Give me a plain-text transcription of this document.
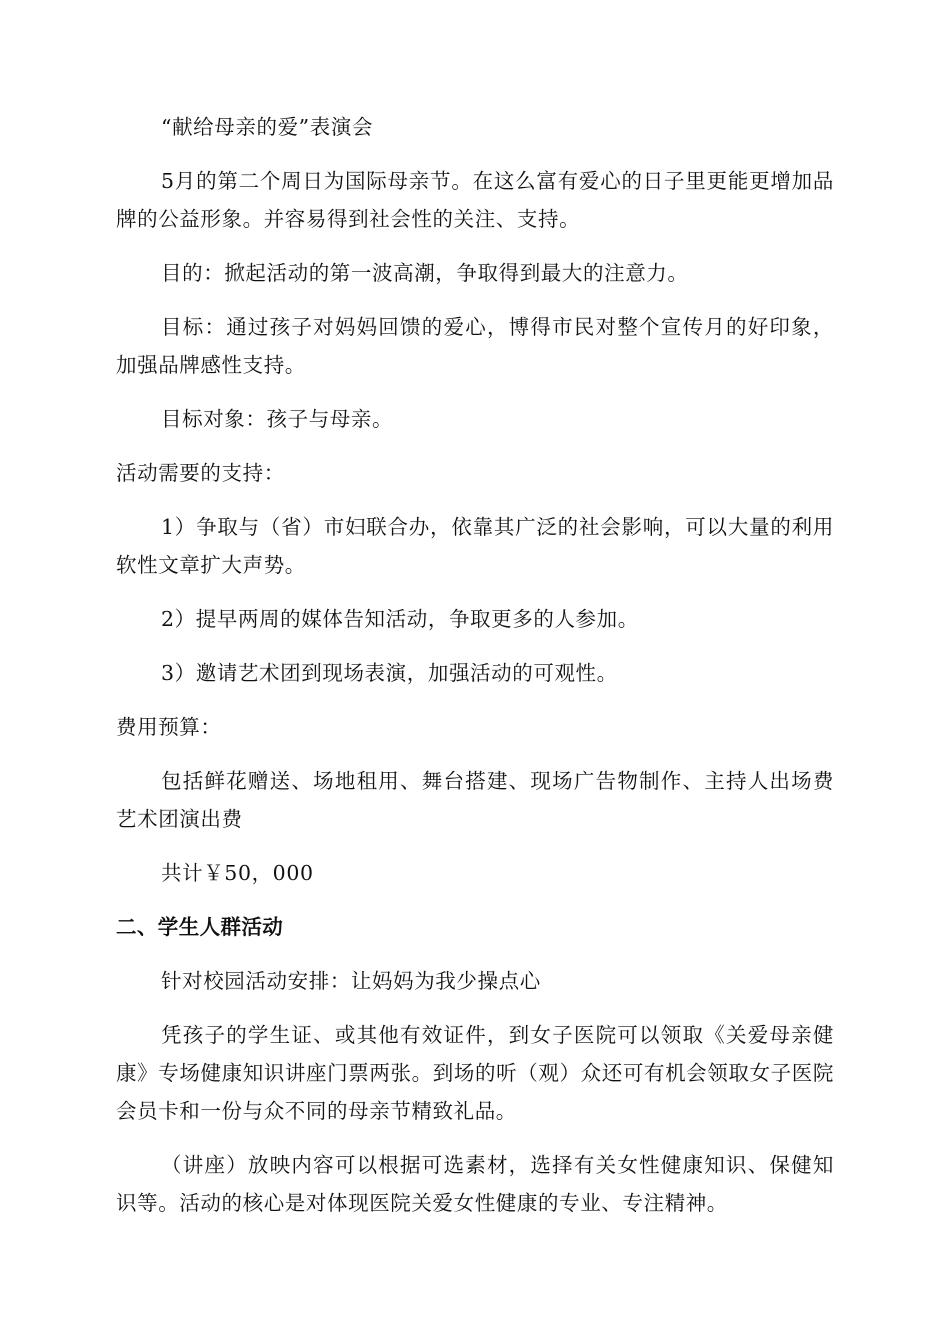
“献给母亲的爱”表演会

5月的第二个周日为国际母亲节。在这么富有爱心的日子里更能更增加品牌的公益形象。并容易得到社会性的关注、支持。

目的：掀起活动的第一波高潮，争取得到最大的注意力。

目标：通过孩子对妈妈回馈的爱心，博得市民对整个宣传月的好印象，加强品牌感性支持。

目标对象：孩子与母亲。

活动需要的支持：

1）争取与（省）市妇联合办，依靠其广泛的社会影响，可以大量的利用软性文章扩大声势。

2）提早两周的媒体告知活动，争取更多的人参加。

3）邀请艺术团到现场表演，加强活动的可观性。

费用预算：

包括鲜花赠送、场地租用、舞台搭建、现场广告物制作、主持人出场费艺术团演出费

共计￥50，000

二、学生人群活动

针对校园活动安排：让妈妈为我少操点心

凭孩子的学生证、或其他有效证件，到女子医院可以领取《关爱母亲健康》专场健康知识讲座门票两张。到场的听（观）众还可有机会领取女子医院会员卡和一份与众不同的母亲节精致礼品。

（讲座）放映内容可以根据可选素材，选择有关女性健康知识、保健知识等。活动的核心是对体现医院关爱女性健康的专业、专注精神。
